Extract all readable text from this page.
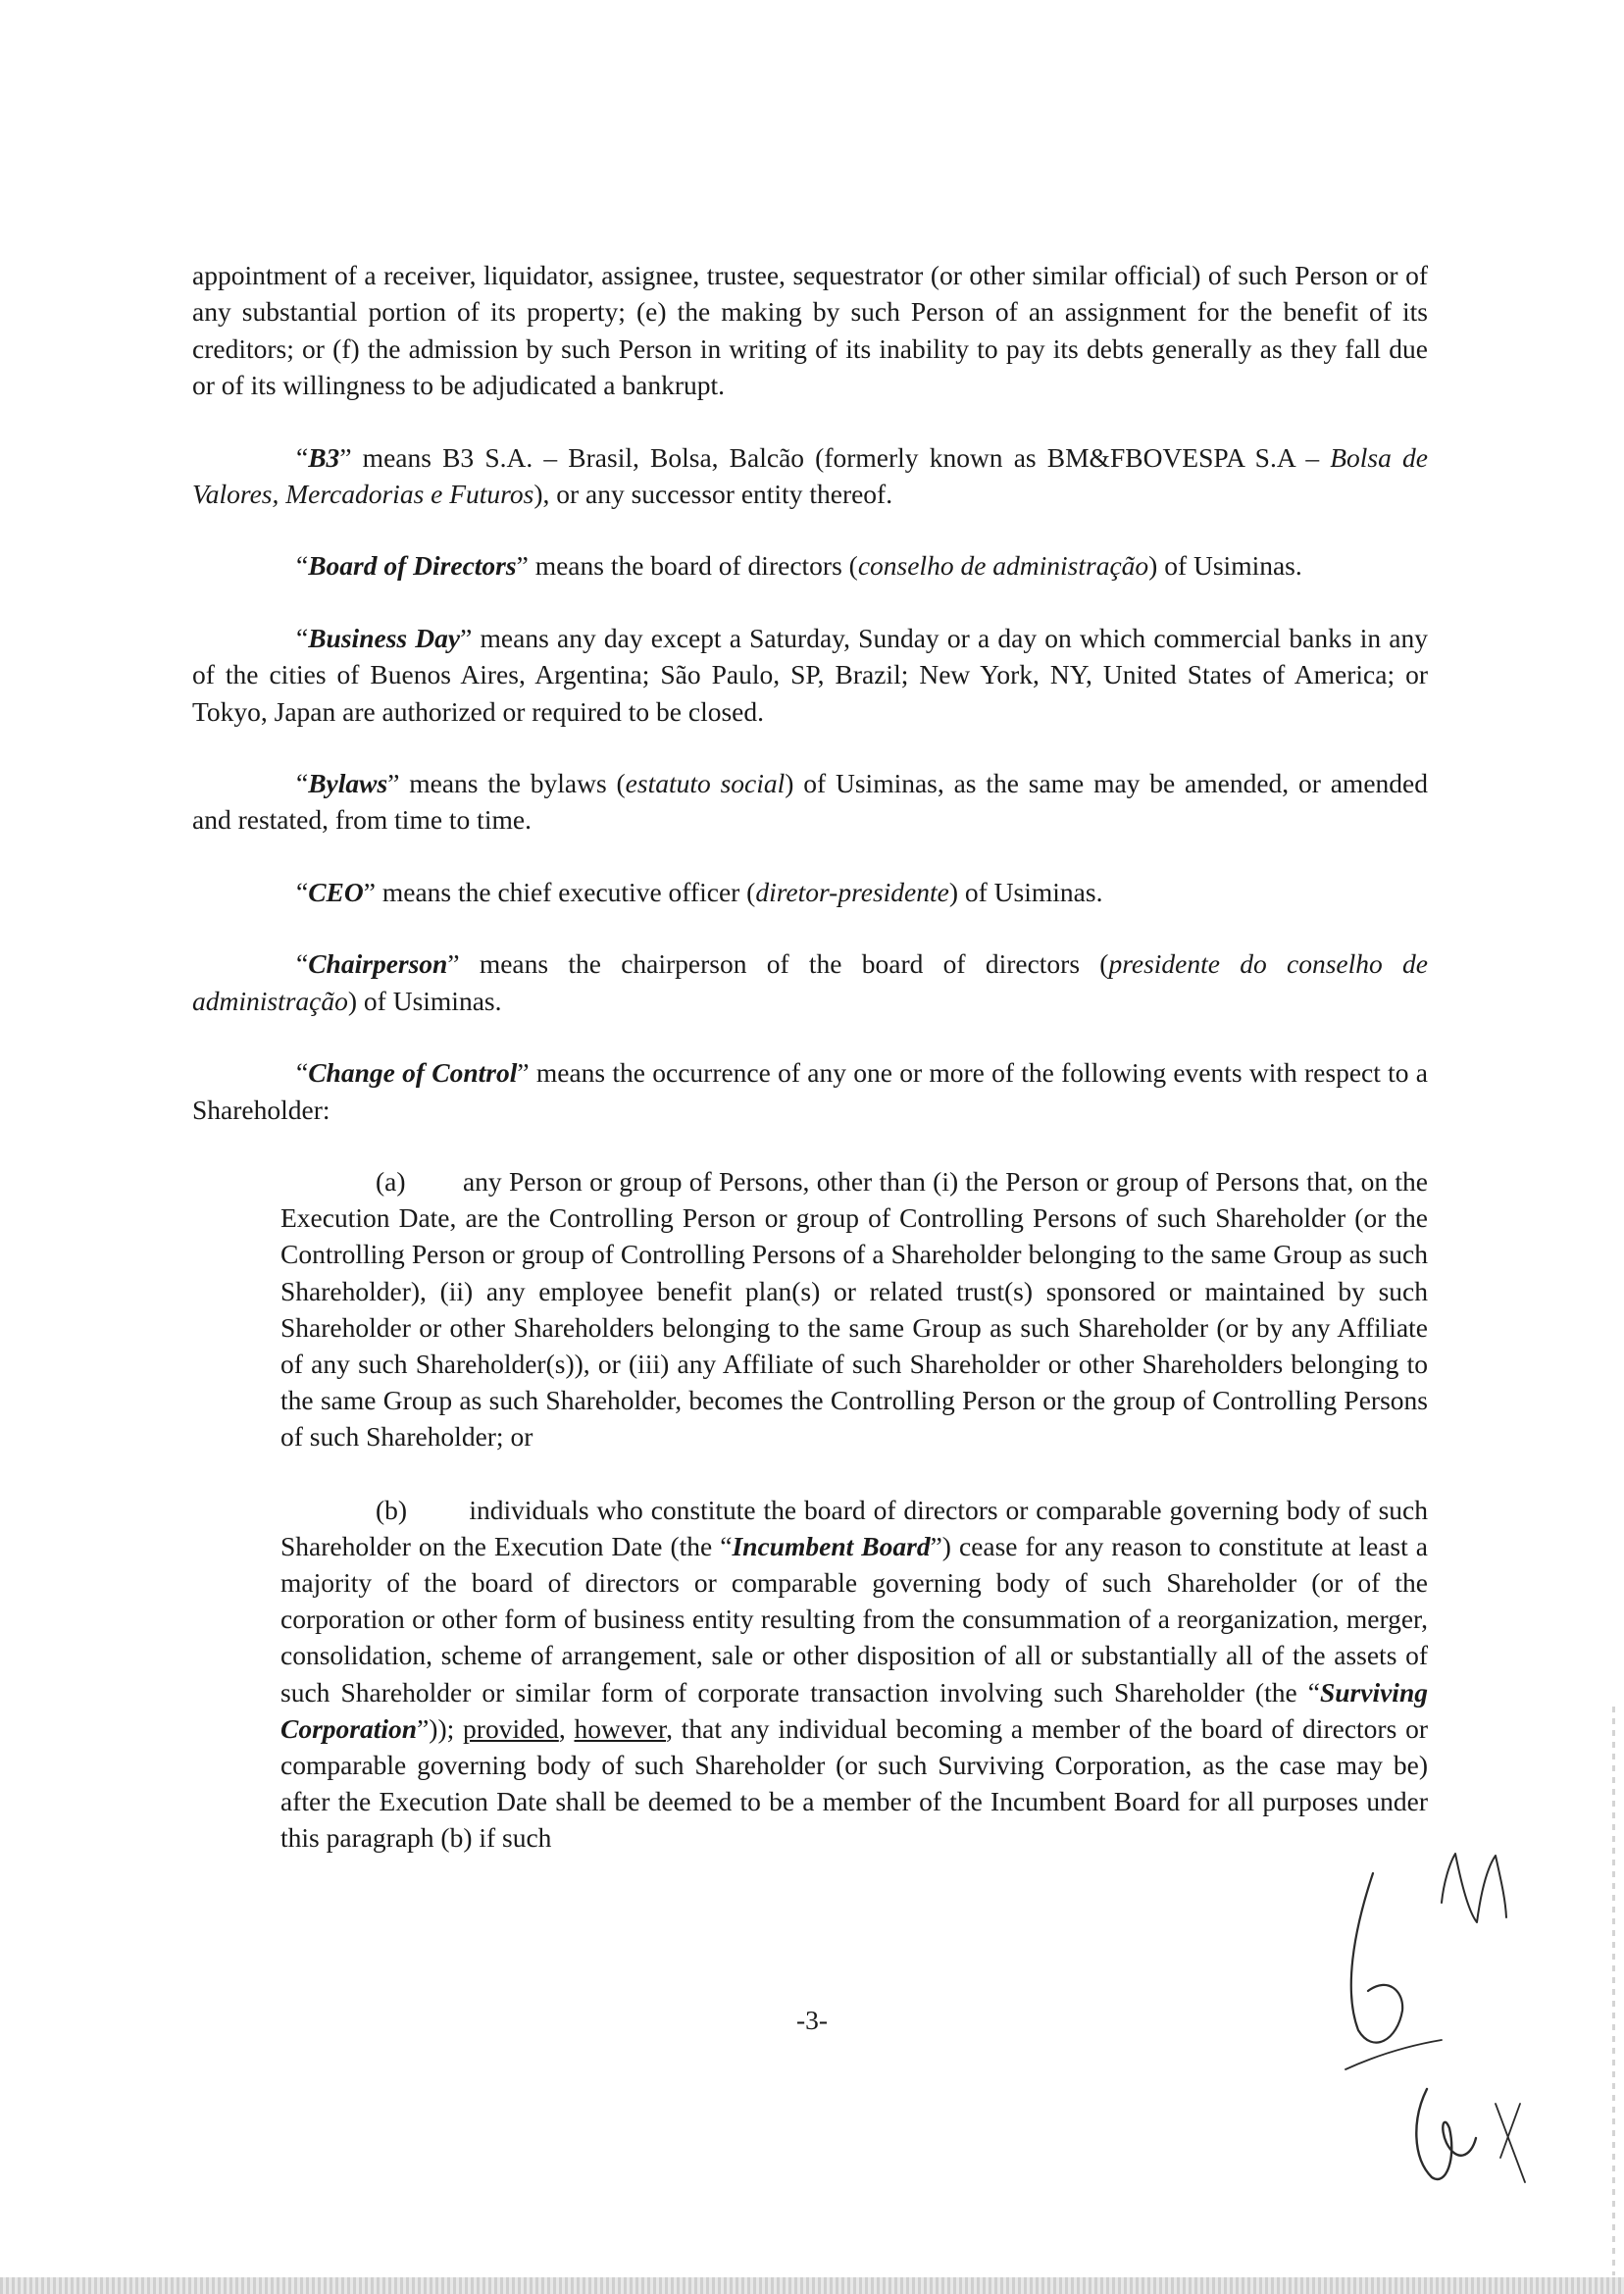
appointment of a receiver, liquidator, assignee, trustee, sequestrator (or other similar official) of such Person or of any substantial portion of its property; (e) the making by such Person of an assignment for the benefit of its creditors; or (f) the admission by such Person in writing of its inability to pay its debts generally as they fall due or of its willingness to be adjudicated a bankrupt.

“B3” means B3 S.A. – Brasil, Bolsa, Balcão (formerly known as BM&FBOVESPA S.A – Bolsa de Valores, Mercadorias e Futuros), or any successor entity thereof.

“Board of Directors” means the board of directors (conselho de administração) of Usiminas.

“Business Day” means any day except a Saturday, Sunday or a day on which commercial banks in any of the cities of Buenos Aires, Argentina; São Paulo, SP, Brazil; New York, NY, United States of America; or Tokyo, Japan are authorized or required to be closed.

“Bylaws” means the bylaws (estatuto social) of Usiminas, as the same may be amended, or amended and restated, from time to time.

“CEO” means the chief executive officer (diretor-presidente) of Usiminas.

“Chairperson” means the chairperson of the board of directors (presidente do conselho de administração) of Usiminas.

“Change of Control” means the occurrence of any one or more of the following events with respect to a Shareholder:

(a) any Person or group of Persons, other than (i) the Person or group of Persons that, on the Execution Date, are the Controlling Person or group of Controlling Persons of such Shareholder (or the Controlling Person or group of Controlling Persons of a Shareholder belonging to the same Group as such Shareholder), (ii) any employee benefit plan(s) or related trust(s) sponsored or maintained by such Shareholder or other Shareholders belonging to the same Group as such Shareholder (or by any Affiliate of any such Shareholder(s)), or (iii) any Affiliate of such Shareholder or other Shareholders belonging to the same Group as such Shareholder, becomes the Controlling Person or the group of Controlling Persons of such Shareholder; or

(b) individuals who constitute the board of directors or comparable governing body of such Shareholder on the Execution Date (the “Incumbent Board”) cease for any reason to constitute at least a majority of the board of directors or comparable governing body of such Shareholder (or of the corporation or other form of business entity resulting from the consummation of a reorganization, merger, consolidation, scheme of arrangement, sale or other disposition of all or substantially all of the assets of such Shareholder or similar form of corporate transaction involving such Shareholder (the “Surviving Corporation”)); provided, however, that any individual becoming a member of the board of directors or comparable governing body of such Shareholder (or such Surviving Corporation, as the case may be) after the Execution Date shall be deemed to be a member of the Incumbent Board for all purposes under this paragraph (b) if such

-3-
